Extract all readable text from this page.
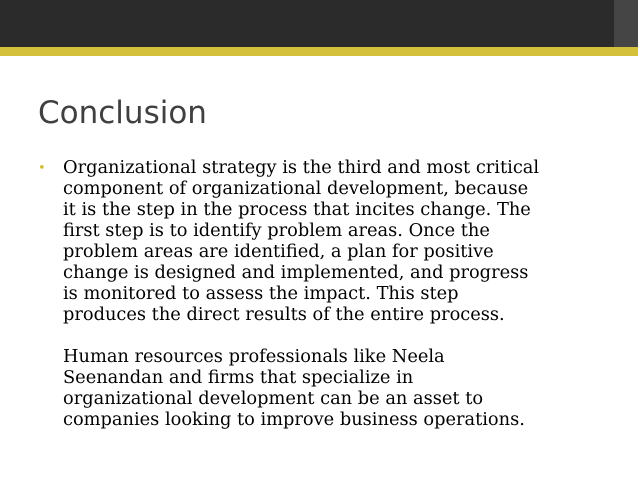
Conclusion
• Organizational strategy is the third and most critical
component of organizational development, because
it is the step in the process that incites change. The
first step is to identify problem areas. Once the
problem areas are identified, a plan for positive
change is designed and implemented, and progress
is monitored to assess the impact. This step
produces the direct results of the entire process.
Human resources professionals like Neela
Seenandan and firms that specialize in
organizational development can be an asset to
companies looking to improve business operations.
